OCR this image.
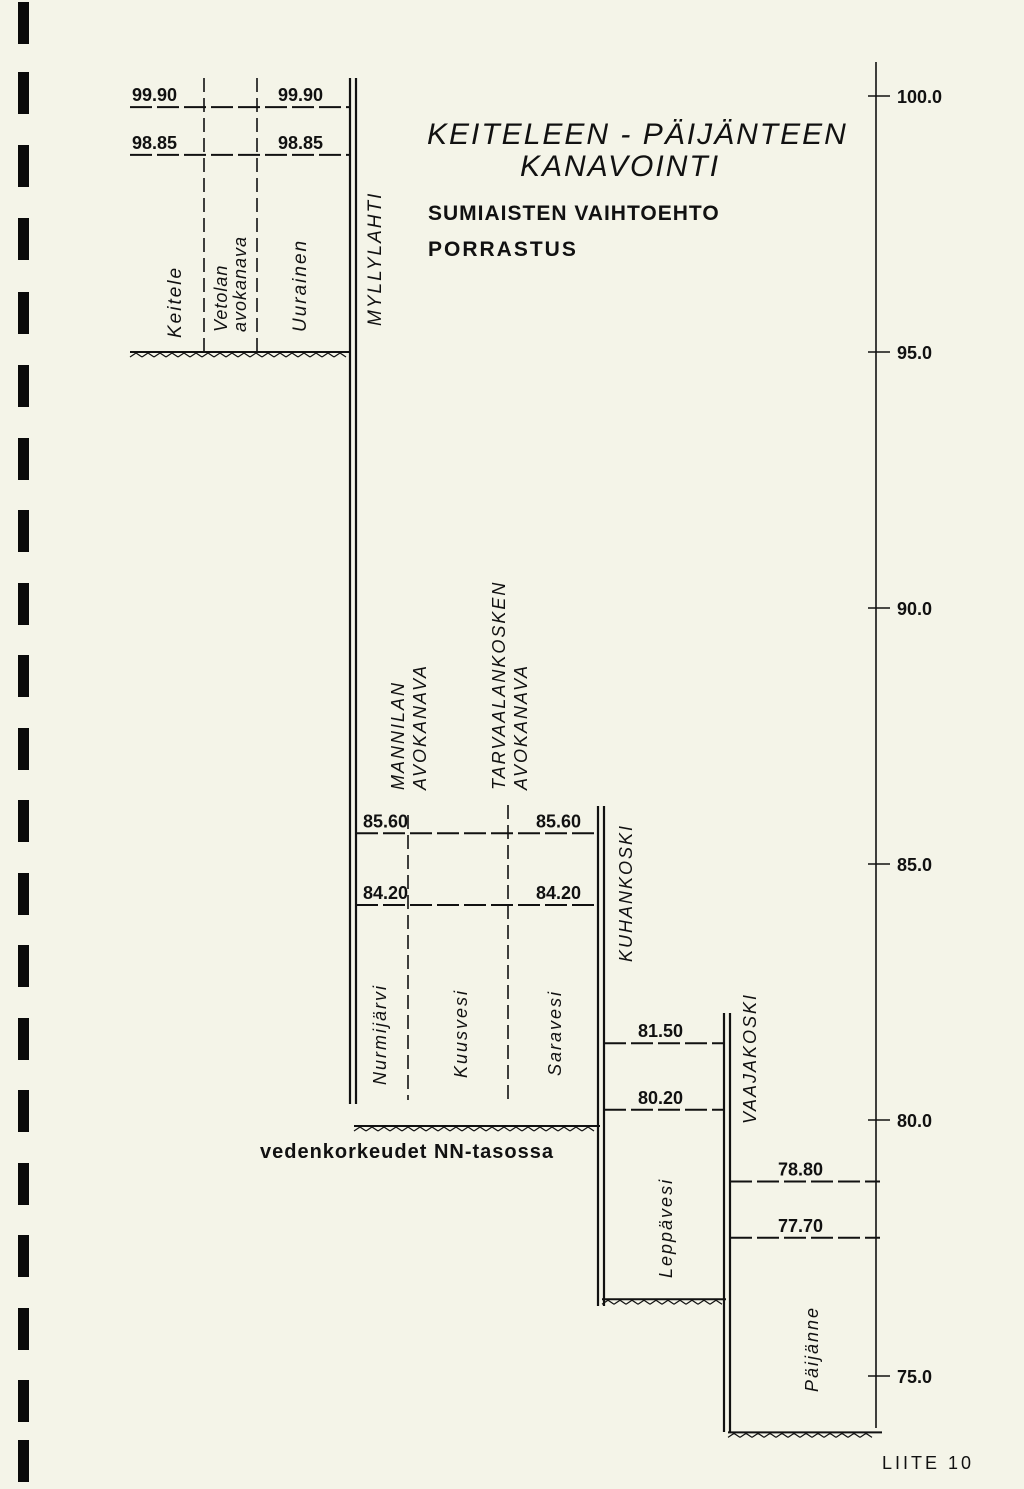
100.0
95.0
90.0
85.0
80.0
75.0
99.90
98.85
99.90
98.85
Keitele Vetolan avokanava Uurainen	MYLLYLAHTI
85.60
84.20
85.60
84.20
MANNILAN AVOKANAVA	TARVAALANKOSKEN AVOKANAVA
Nurmijärvi	Kuusvesi	Saravesi
KUHANKOSKI
81.50
80.20
Leppävesi
VAAJAKOSKI
78.80
77.70
Päijänne
KEITELEEN - PÄIJÄNTEEN
KANAVOINTI
SUMIAISTEN VAIHTOEHTO
PORRASTUS
vedenkorkeudet NN-tasossa
LIITE 10
